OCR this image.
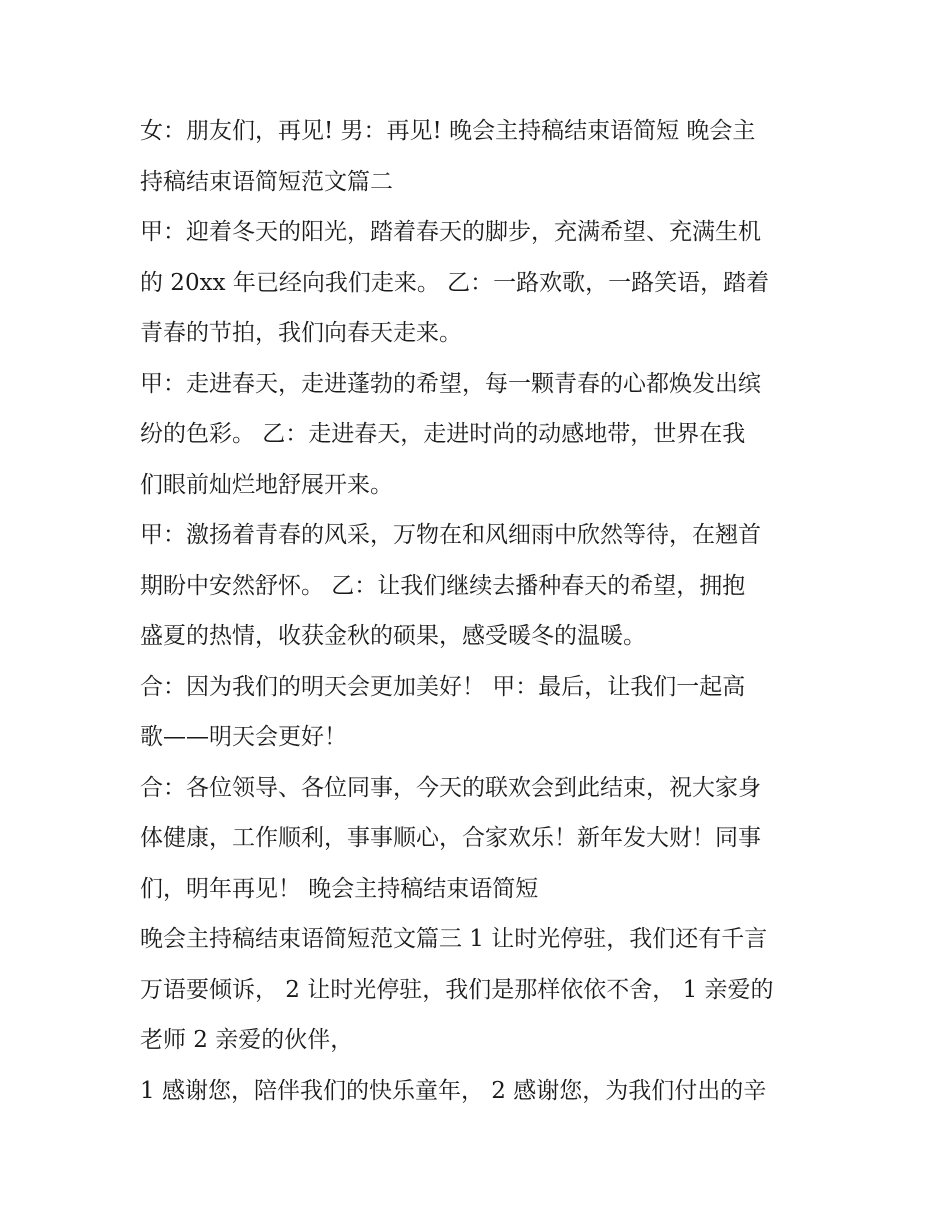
女：朋友们，再见! 男：再见! 晚会主持稿结束语简短 晚会主
持稿结束语简短范文篇二

甲：迎着冬天的阳光，踏着春天的脚步，充满希望、充满生机
的 20xx 年已经向我们走来。 乙：一路欢歌，一路笑语，踏着
青春的节拍，我们向春天走来。

甲：走进春天，走进蓬勃的希望，每一颗青春的心都焕发出缤
纷的色彩。 乙：走进春天，走进时尚的动感地带，世界在我
们眼前灿烂地舒展开来。

甲：激扬着青春的风采，万物在和风细雨中欣然等待，在翘首
期盼中安然舒怀。 乙：让我们继续去播种春天的希望，拥抱
盛夏的热情，收获金秋的硕果，感受暖冬的温暖。

合：因为我们的明天会更加美好！ 甲：最后，让我们一起高
歌——明天会更好！

合：各位领导、各位同事，今天的联欢会到此结束，祝大家身
体健康，工作顺利，事事顺心，合家欢乐！新年发大财！同事
们，明年再见！ 晚会主持稿结束语简短

晚会主持稿结束语简短范文篇三 1 让时光停驻，我们还有千言
万语要倾诉， 2 让时光停驻，我们是那样依依不舍， 1 亲爱的
老师 2 亲爱的伙伴，

1 感谢您，陪伴我们的快乐童年， 2 感谢您，为我们付出的辛
